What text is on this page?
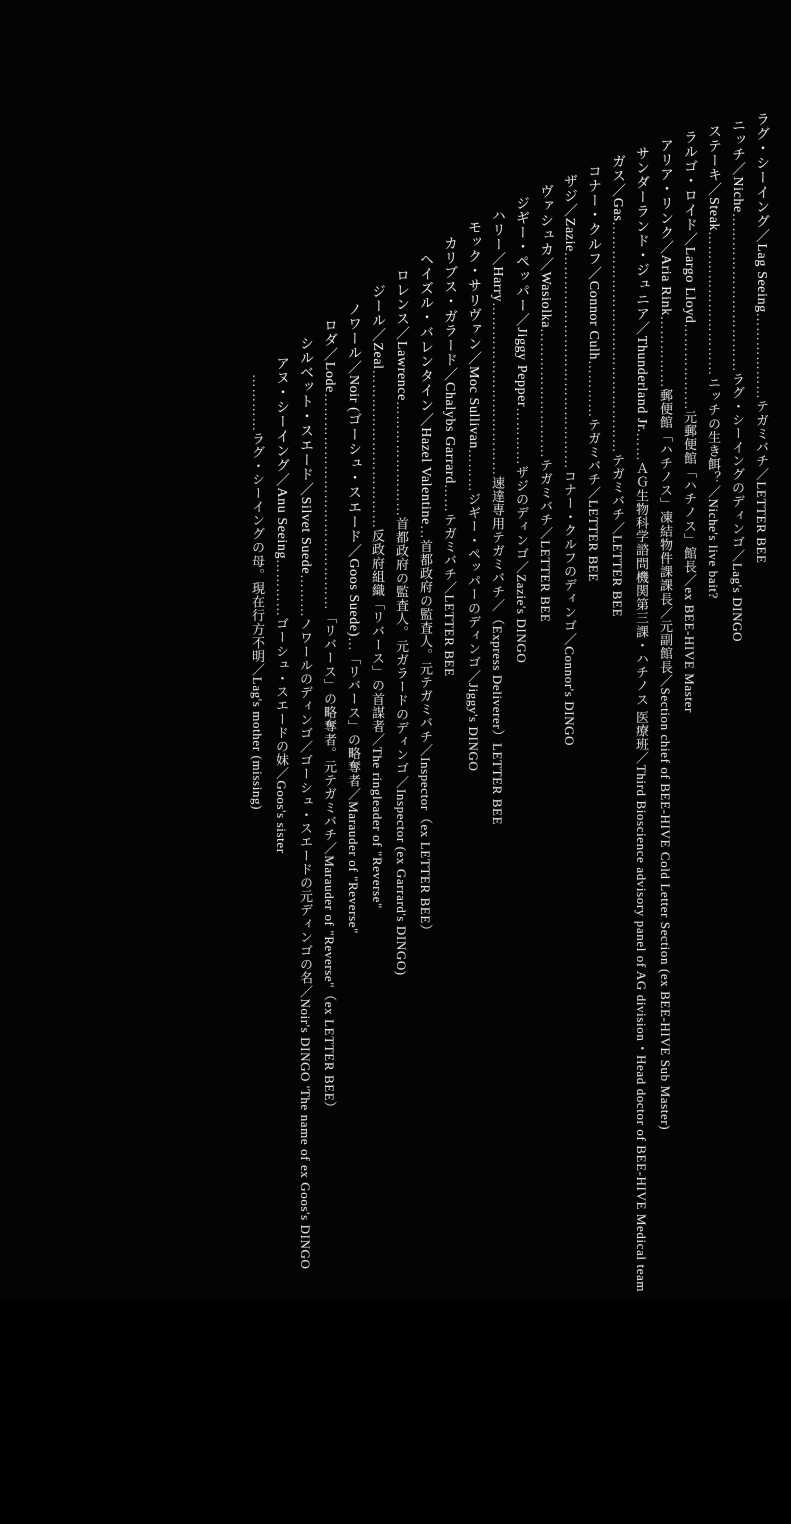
ラグ・シーイング／Lag Seeing………………テガミバチ／LETTER BEE
ニッチ／Niche……………………………ラグ・シーイングのディンゴ／Lag's DINGO
ステーキ／Steak…………………………ニッチの生き餌？／Niche's live bait?
ラルゴ・ロイド／Largo Lloyd………………元郵便館「ハチノス」館長／ex BEE-HIVE Master
アリア・リンク／Aria Rink……………郵便館「ハチノス」凍結物件課課長／元副館長／Section chief of BEE-HIVE Cold Letter Section (ex BEE-HIVE Sub Master)
サンダーランド・ジュニア／Thunderland Jr.……ＡＧ生物科学諮問機関第三課・ハチノス 医療班／Third Bioscience advisory panel of AG division・Head doctor of BEE-HIVE Medical team
ガス／Gas…………………………………………テガミバチ／LETTER BEE
コナー・クルフ／Connor Culh…………テガミバチ／LETTER BEE
ザジ／Zazie………………………………………コナー・クルフのディンゴ／Connor's DINGO
ヴァシュカ／Wasiolka………………………テガミバチ／LETTER BEE
ジギー・ペッパー／Jiggy Pepper…………ザジのディンゴ／Zazie's DINGO
ハリー／Harry………………………………速達専用テガミバチ／（Express Deliverer）LETTER BEE
モック・サリヴァン／Moc Sullivan………ジギー・ペッパーのディンゴ／Jiggy's DINGO
カリブス・ガラード／Chalybs Garrard……テガミバチ／LETTER BEE
ヘイズル・バレンタイン／Hazel Valentine…首都政府の監査人。元テガミバチ／Inspector（ex LETTER BEE）
ロレンス／Lawrence……………………首都政府の監査人。元ガラードのディンゴ／Inspector (ex Garrard's DINGO)
ジール／Zeal……………………………反政府組織「リバース」の首謀者／The ringleader of "Reverse"
ノワール／Noir (ゴーシュ・スエード／Goos Suede)…「リバース」の略奪者／Marauder of "Reverse"
ロダ／Lode………………………………………「リバース」の略奪者。元テガミバチ／Marauder of "Reverse"（ex LETTER BEE）
シルベット・スエード／Silvet Suede………ノワールのディンゴ／ゴーシュ・スエードの元ディンゴの名／Noir's DINGO 'The name of ex Goos's DINGO
アヌ・シーイング／Anu Seeing…………ゴーシュ・スエードの妹／Goos's sister
…………ラグ・シーイングの母。現在行方不明／Lag's mother (missing)
